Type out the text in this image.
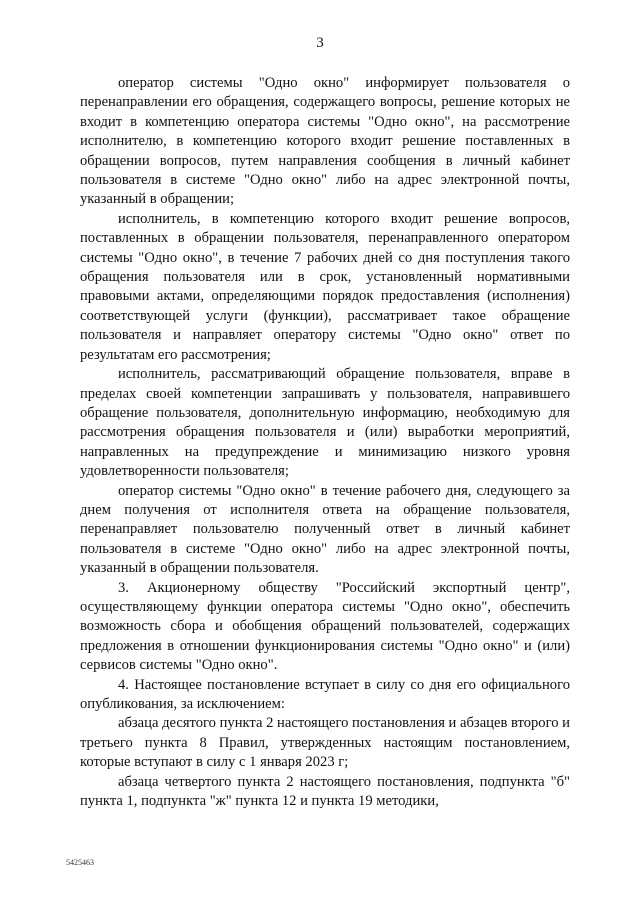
3

оператор системы "Одно окно" информирует пользователя о перенаправлении его обращения, содержащего вопросы, решение которых не входит в компетенцию оператора системы "Одно окно", на рассмотрение исполнителю, в компетенцию которого входит решение поставленных в обращении вопросов, путем направления сообщения в личный кабинет пользователя в системе "Одно окно" либо на адрес электронной почты, указанный в обращении;

исполнитель, в компетенцию которого входит решение вопросов, поставленных в обращении пользователя, перенаправленного оператором системы "Одно окно", в течение 7 рабочих дней со дня поступления такого обращения пользователя или в срок, установленный нормативными правовыми актами, определяющими порядок предоставления (исполнения) соответствующей услуги (функции), рассматривает такое обращение пользователя и направляет оператору системы "Одно окно" ответ по результатам его рассмотрения;

исполнитель, рассматривающий обращение пользователя, вправе в пределах своей компетенции запрашивать у пользователя, направившего обращение пользователя, дополнительную информацию, необходимую для рассмотрения обращения пользователя и (или) выработки мероприятий, направленных на предупреждение и минимизацию низкого уровня удовлетворенности пользователя;

оператор системы "Одно окно" в течение рабочего дня, следующего за днем получения от исполнителя ответа на обращение пользователя, перенаправляет пользователю полученный ответ в личный кабинет пользователя в системе "Одно окно" либо на адрес электронной почты, указанный в обращении пользователя.

3. Акционерному обществу "Российский экспортный центр", осуществляющему функции оператора системы "Одно окно", обеспечить возможность сбора и обобщения обращений пользователей, содержащих предложения в отношении функционирования системы "Одно окно" и (или) сервисов системы "Одно окно".

4. Настоящее постановление вступает в силу со дня его официального опубликования, за исключением:

абзаца десятого пункта 2 настоящего постановления и абзацев второго и третьего пункта 8 Правил, утвержденных настоящим постановлением, которые вступают в силу с 1 января 2023 г;

абзаца четвертого пункта 2 настоящего постановления, подпункта "б" пункта 1, подпункта "ж" пункта 12 и пункта 19 методики,

5425463
